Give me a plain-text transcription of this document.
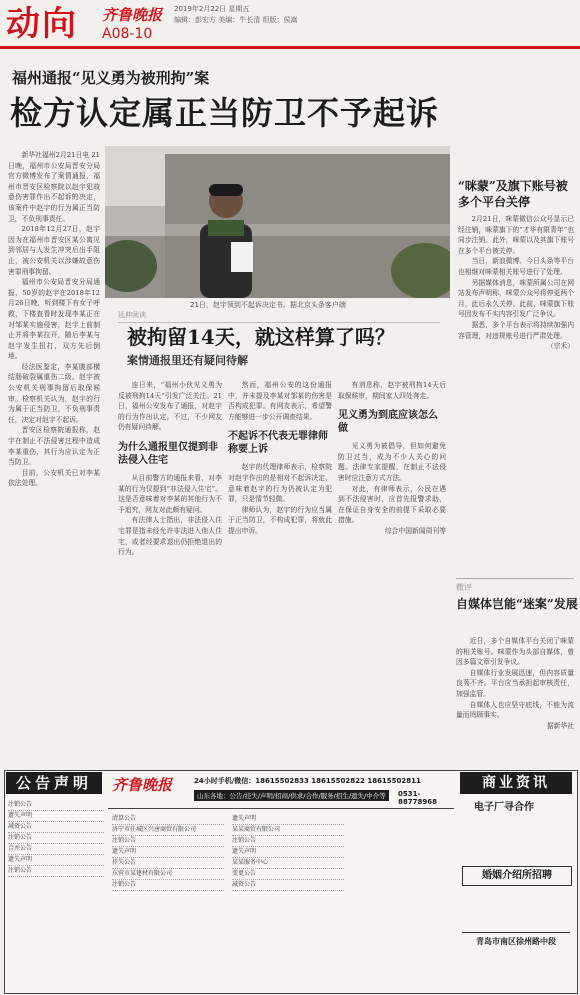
动向 齐鲁晚报
A08-10
2019年2月22日 星期五
编辑：彭宏方 美编：牛长清 组版：侯嵩
福州通报“见义勇为被刑拘”案
检方认定属正当防卫不予起诉

新华社福州2月21日电 21日晚，福州市公安局晋安分局官方微博发布了案情通报，福州市晋安区检察院以赵宇犯故意伤害罪作出不起诉的决定，该案件中赵宇的行为属正当防卫，不负刑事责任。

2018年12月27日，赵宇因为在福州市晋安区某公寓见到邻居与人发生冲突后出手阻止，被公安机关以涉嫌故意伤害罪刑事拘留。

福州市公安局晋安分局通报，50岁的赵宇在2018年12月26日晚，听到楼下有女子呼救，下楼查看时发现李某正在对邹某实施侵害，赵宇上前制止并将李某拉开，随后李某与赵宇发生扭打，双方先后倒地。

经法医鉴定，李某腹部横结肠破裂属重伤二级。赵宇被公安机关刑事拘留后取保候审。检察机关认为，赵宇的行为属于正当防卫，不负刑事责任，决定对赵宇不起诉。

晋安区检察院通报称，赵宇在制止不法侵害过程中造成李某重伤，其行为应认定为正当防卫。

目前，公安机关已对李某依法处理。

21日，赵宇领到不起诉决定书。据北京头条客户端
“咪蒙”及旗下账号被多个平台关停

2月21日，咪蒙微信公众号显示已经注销，咪蒙旗下的“才华有限青年”也同步注销。此外，咪蒙以及其旗下账号在多个平台被关停。

当日，新浪微博、今日头条等平台也相继对咪蒙相关账号进行了处理。

另据媒体消息，咪蒙所属公司在网站发布声明称，咪蒙公众号将停更两个月，此后永久关停。此前，咪蒙旗下账号因发布不实内容引发广泛争议。

据悉，多个平台表示将持续加强内容管理，对违规账号进行严肃处理。

（宗禾）

延伸阅读
被拘留14天，就这样算了吗？
案情通报里还有疑问待解

连日来，“福州小伙见义勇为反被刑拘14天”引发广泛关注。21日，福州公安发布了通报，对赵宇的行为作出认定。不过，不少网友仍有疑问待解。

为什么通报里仅提到非法侵入住宅

从目前警方的通报来看，对李某的行为仅提到“非法侵入住宅”。这是否意味着对李某的其他行为不予追究，网友对此颇有疑问。

有法律人士指出，非法侵入住宅罪是指未经允许非法进入他人住宅，或者经要求退出仍拒绝退出的行为。

然而，福州公安的这份通报中，并未提及李某对邹某的伤害是否构成犯罪。有网友表示，希望警方能够进一步公开调查结果。

不起诉不代表无罪律师称要上诉

赵宇的代理律师表示，检察院对赵宇作出的是相对不起诉决定，意味着赵宇的行为仍被认定为犯罪，只是情节轻微。

律师认为，赵宇的行为应当属于正当防卫，不构成犯罪，将就此提出申诉。

有消息称，赵宇被刑拘14天后取保候审，期间家人四处奔走。

见义勇为到底应该怎么做

见义勇为被倡导，但如何避免防卫过当，成为不少人关心的问题。法律专家提醒，在制止不法侵害时应注意方式方法。

对此，有律师表示，公民在遇到不法侵害时，应首先报警求助，在保证自身安全的前提下采取必要措施。

综合中国新闻周刊等

微评
自媒体岂能“迷案”发展

近日，多个自媒体平台关闭了咪蒙的相关账号。咪蒙作为头部自媒体，曾因多篇文章引发争议。

自媒体行业发展迅速，但内容质量良莠不齐。平台应当承担起审核责任，加强监管。

自媒体人也应坚守底线，不能为流量而罔顾事实。

据新华社

公告声明	齐鲁晚报	24小时手机/微信：18615502833 18615502822 18615502811
山东各地：公告/挂失/声明/招商/供求/合作/服务/招生/遗失/中介等	0531-88778968
商业资讯
电子厂寻合作
婚姻介绍所招聘
青岛市南区徐州路中段
注销公告
遗失声明
减资公告
注销公告
合并公告
遗失声明
注销公告
清算公告
济宁市任城区兴唐商贸有限公司
注销公告
遗失声明
挂失公告
东营市某建材有限公司
注销公告
遗失声明
某某商贸有限公司
注销公告
遗失声明
某某服务中心
变更公告
减资公告
